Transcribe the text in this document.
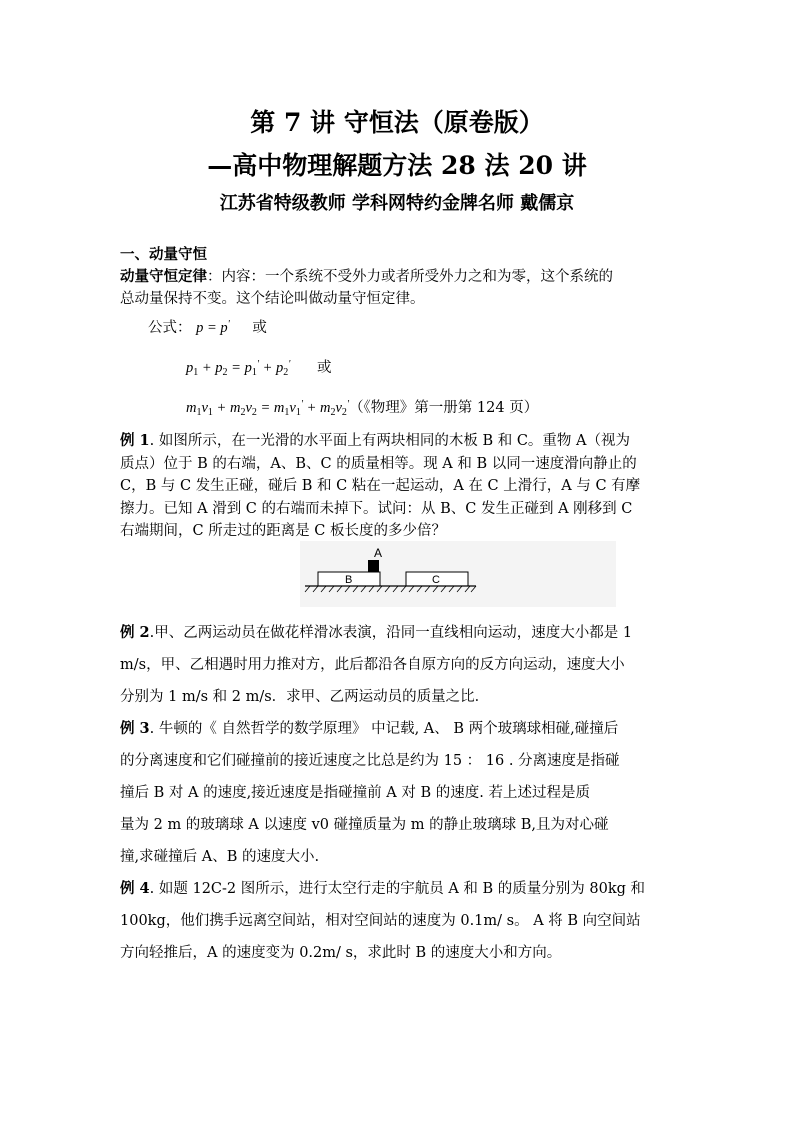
第 7 讲 守恒法（原卷版）
—高中物理解题方法 28 法 20 讲
江苏省特级教师 学科网特约金牌名师 戴儒京
一、动量守恒
动量守恒定律：内容：一个系统不受外力或者所受外力之和为零，这个系统的
总动量保持不变。这个结论叫做动量守恒定律。
公式： p = p' 或
$p_1 + p_2 = p_1' + p_2'$ 或
$m_1v_1 + m_2v_2 = m_1v_1' + m_2v_2'$（《物理》第一册第 124 页）
例 1. 如图所示，在一光滑的水平面上有两块相同的木板 B 和 C。重物 A（视为
质点）位于 B 的右端，A、B、C 的质量相等。现 A 和 B 以同一速度滑向静止的
C，B 与 C 发生正碰，碰后 B 和 C 粘在一起运动，A 在 C 上滑行，A 与 C 有摩
擦力。已知 A 滑到 C 的右端而未掉下。试问：从 B、C 发生正碰到 A 刚移到 C
右端期间，C 所走过的距离是 C 板长度的多少倍？
A
B	C
例 2.甲、乙两运动员在做花样滑冰表演，沿同一直线相向运动，速度大小都是 1
m/s，甲、乙相遇时用力推对方，此后都沿各自原方向的反方向运动，速度大小
分别为 1 m/s 和 2 m/s．求甲、乙两运动员的质量之比．
例 3. 牛顿的《 自然哲学的数学原理》 中记载, A、 B 两个玻璃球相碰,碰撞后
的分离速度和它们碰撞前的接近速度之比总是约为 15 ： 16 . 分离速度是指碰
撞后 B 对 A 的速度,接近速度是指碰撞前 A 对 B 的速度. 若上述过程是质
量为 2 m 的玻璃球 A 以速度 v0 碰撞质量为 m 的静止玻璃球 B,且为对心碰
撞,求碰撞后 A、B 的速度大小.
例 4. 如题 12C-2 图所示，进行太空行走的宇航员 A 和 B 的质量分别为 80kg 和
100kg，他们携手远离空间站，相对空间站的速度为 0.1m/ s。 A 将 B 向空间站
方向轻推后，A 的速度变为 0.2m/ s，求此时 B 的速度大小和方向。
